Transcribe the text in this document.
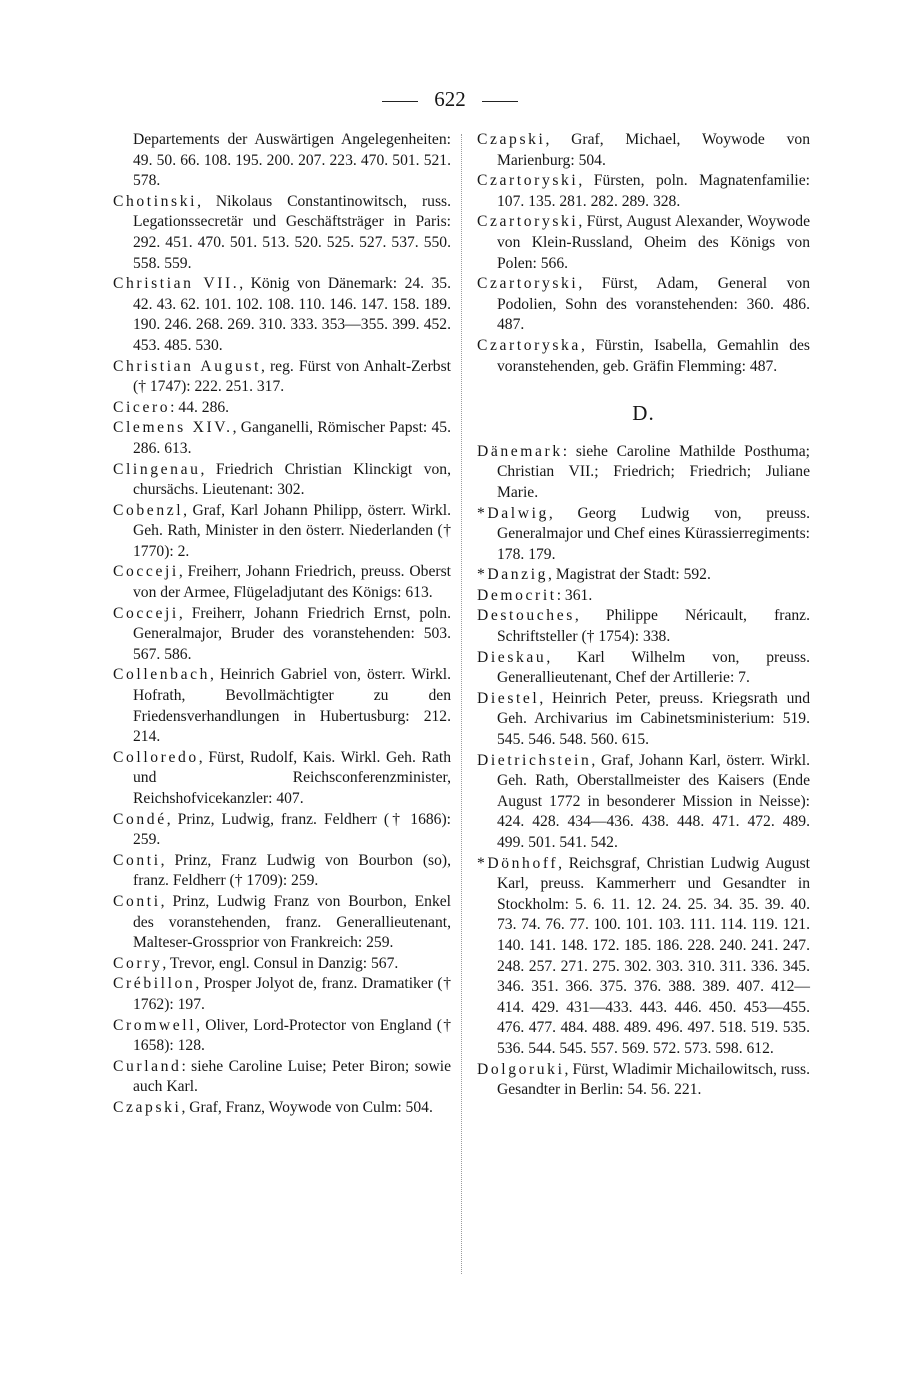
622
Departements der Auswärtigen Angelegenheiten: 49. 50. 66. 108. 195. 200. 207. 223. 470. 501. 521. 578.
Chotinski, Nikolaus Constantinowitsch, russ. Legationssecretär und Geschäftsträger in Paris: 292. 451. 470. 501. 513. 520. 525. 527. 537. 550. 558. 559.
Christian VII., König von Dänemark: 24. 35. 42. 43. 62. 101. 102. 108. 110. 146. 147. 158. 189. 190. 246. 268. 269. 310. 333. 353—355. 399. 452. 453. 485. 530.
Christian August, reg. Fürst von Anhalt-Zerbst († 1747): 222. 251. 317.
Cicero: 44. 286.
Clemens XIV., Ganganelli, Römischer Papst: 45. 286. 613.
Clingenau, Friedrich Christian Klinckigt von, chursächs. Lieutenant: 302.
Cobenzl, Graf, Karl Johann Philipp, österr. Wirkl. Geh. Rath, Minister in den österr. Niederlanden († 1770): 2.
Cocceji, Freiherr, Johann Friedrich, preuss. Oberst von der Armee, Flügeladjutant des Königs: 613.
Cocceji, Freiherr, Johann Friedrich Ernst, poln. Generalmajor, Bruder des voranstehenden: 503. 567. 586.
Collenbach, Heinrich Gabriel von, österr. Wirkl. Hofrath, Bevollmächtigter zu den Friedensverhandlungen in Hubertusburg: 212. 214.
Colloredo, Fürst, Rudolf, Kais. Wirkl. Geh. Rath und Reichsconferenzminister, Reichshofvicekanzler: 407.
Condé, Prinz, Ludwig, franz. Feldherr († 1686): 259.
Conti, Prinz, Franz Ludwig von Bourbon (so), franz. Feldherr († 1709): 259.
Conti, Prinz, Ludwig Franz von Bourbon, Enkel des voranstehenden, franz. Generallieutenant, Malteser-Grossprior von Frankreich: 259.
Corry, Trevor, engl. Consul in Danzig: 567.
Crébillon, Prosper Jolyot de, franz. Dramatiker († 1762): 197.
Cromwell, Oliver, Lord-Protector von England († 1658): 128.
Curland: siehe Caroline Luise; Peter Biron; sowie auch Karl.
Czapski, Graf, Franz, Woywode von Culm: 504.
Czapski, Graf, Michael, Woywode von Marienburg: 504.
Czartoryski, Fürsten, poln. Magnatenfamilie: 107. 135. 281. 282. 289. 328.
Czartoryski, Fürst, August Alexander, Woywode von Klein-Russland, Oheim des Königs von Polen: 566.
Czartoryski, Fürst, Adam, General von Podolien, Sohn des voranstehenden: 360. 486. 487.
Czartoryska, Fürstin, Isabella, Gemahlin des voranstehenden, geb. Gräfin Flemming: 487.
D.
Dänemark: siehe Caroline Mathilde Posthuma; Christian VII.; Friedrich; Friedrich; Juliane Marie.
*Dalwig, Georg Ludwig von, preuss. Generalmajor und Chef eines Kürassierregiments: 178. 179.
*Danzig, Magistrat der Stadt: 592.
Democrit: 361.
Destouches, Philippe Néricault, franz. Schriftsteller († 1754): 338.
Dieskau, Karl Wilhelm von, preuss. Generallieutenant, Chef der Artillerie: 7.
Diestel, Heinrich Peter, preuss. Kriegsrath und Geh. Archivarius im Cabinetsministerium: 519. 545. 546. 548. 560. 615.
Dietrichstein, Graf, Johann Karl, österr. Wirkl. Geh. Rath, Oberstallmeister des Kaisers (Ende August 1772 in besonderer Mission in Neisse): 424. 428. 434—436. 438. 448. 471. 472. 489. 499. 501. 541. 542.
*Dönhoff, Reichsgraf, Christian Ludwig August Karl, preuss. Kammerherr und Gesandter in Stockholm: 5. 6. 11. 12. 24. 25. 34. 35. 39. 40. 73. 74. 76. 77. 100. 101. 103. 111. 114. 119. 121. 140. 141. 148. 172. 185. 186. 228. 240. 241. 247. 248. 257. 271. 275. 302. 303. 310. 311. 336. 345. 346. 351. 366. 375. 376. 388. 389. 407. 412—414. 429. 431—433. 443. 446. 450. 453—455. 476. 477. 484. 488. 489. 496. 497. 518. 519. 535. 536. 544. 545. 557. 569. 572. 573. 598. 612.
Dolgoruki, Fürst, Wladimir Michailowitsch, russ. Gesandter in Berlin: 54. 56. 221.
